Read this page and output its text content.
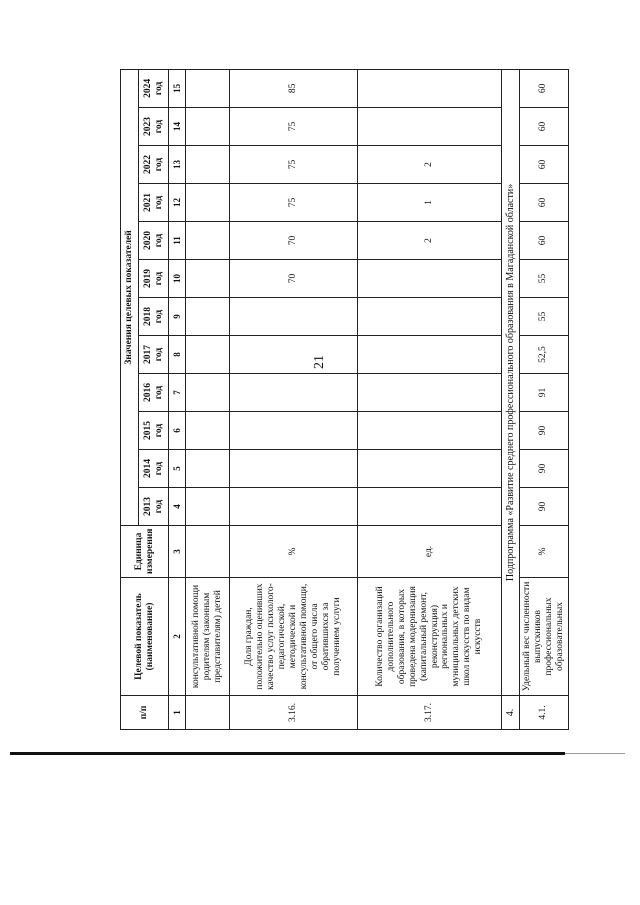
21
п/п	Целевой показатель (наименование)	Единица измерения	Значения целевых показателей											
			2013 год	2014 год	2015 год	2016 год	2017 год	2018 год	2019 год	2020 год	2021 год	2022 год	2023 год	2024 год
1	2	3	4	5	6	7	8	9	10	11	12	13	14	15
	консультативной помощи родителям (законным представителям) детей													
3.16.	Доля граждан, положительно оценивших качество услуг психолого-педагогической, методической и консультативной помощи, от общего числа обратившихся за получением услуги	%							70	70	75	75	75	85
3.17.	Количество организаций дополнительного образования, в которых проведена модернизация (капитальный ремонт, реконструкция) региональных и муниципальных детских школ искусств по видам искусств	ед.								2	1	2		
4.	Подпрограмма «Развитие среднего профессионального образования в Магаданской области»													
4.1.	Удельный вес численности выпускников профессиональных образовательных	%	90	90	90	91	52,5	55	55	60	60	60	60	60
